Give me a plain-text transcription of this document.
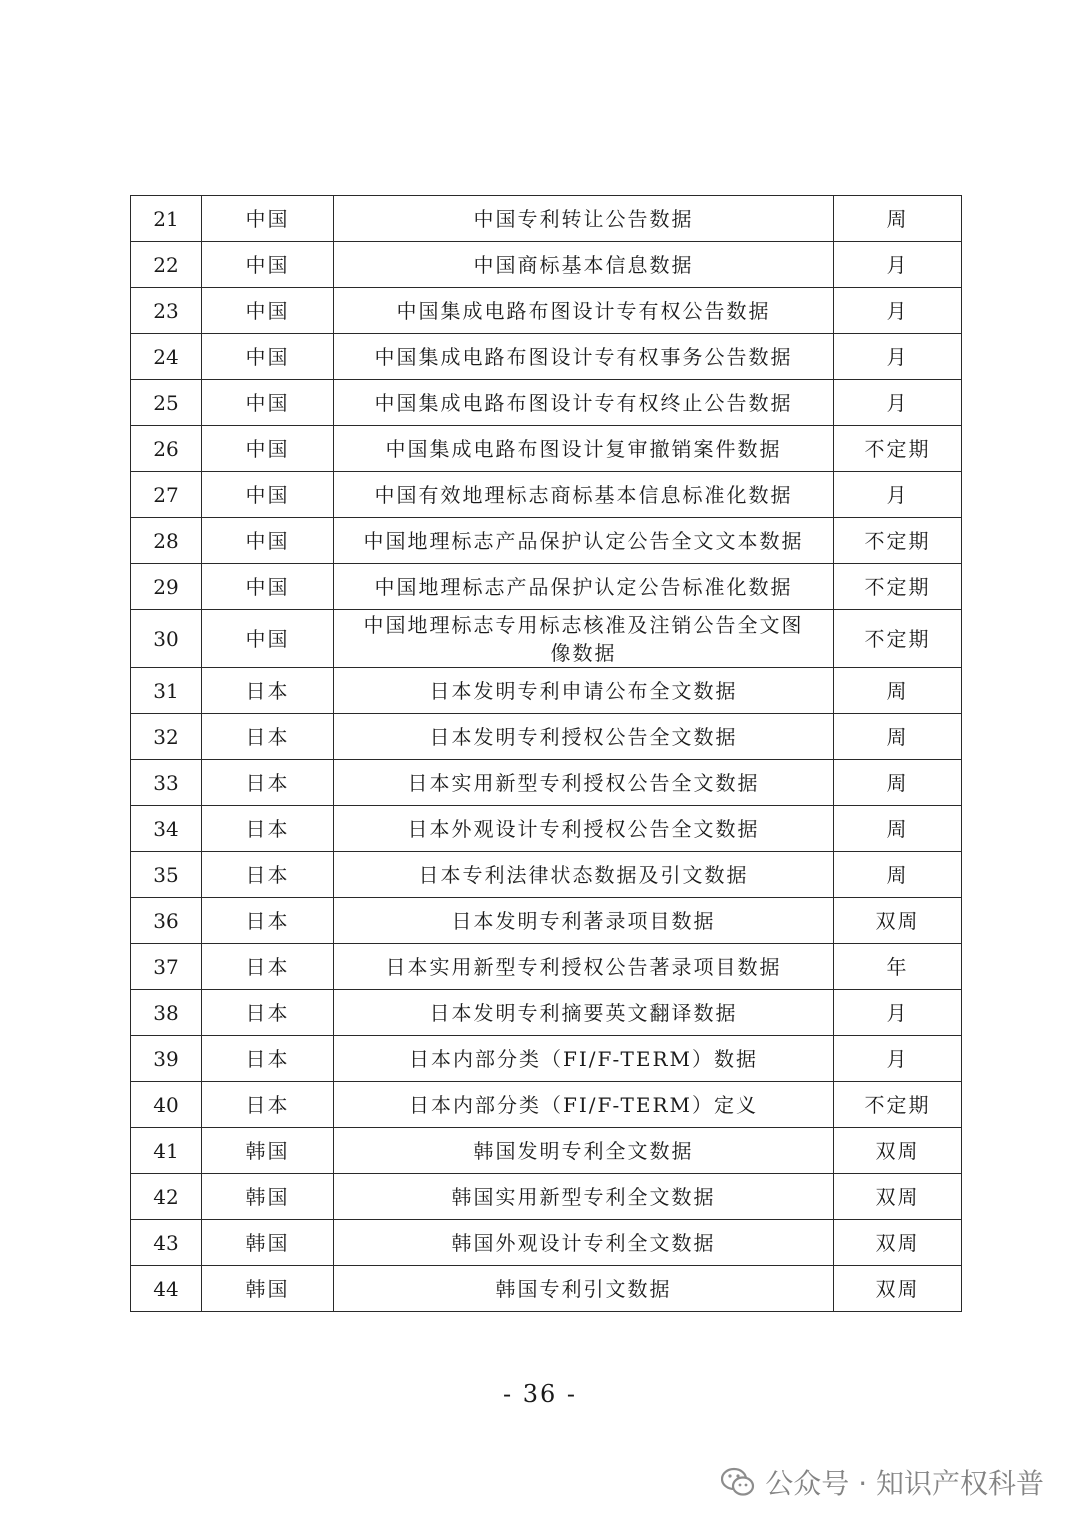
21	中国	中国专利转让公告数据	周
22	中国	中国商标基本信息数据	月
23	中国	中国集成电路布图设计专有权公告数据	月
24	中国	中国集成电路布图设计专有权事务公告数据	月
25	中国	中国集成电路布图设计专有权终止公告数据	月
26	中国	中国集成电路布图设计复审撤销案件数据	不定期
27	中国	中国有效地理标志商标基本信息标准化数据	月
28	中国	中国地理标志产品保护认定公告全文文本数据	不定期
29	中国	中国地理标志产品保护认定公告标准化数据	不定期
30	中国	中国地理标志专用标志核准及注销公告全文图像数据	不定期
31	日本	日本发明专利申请公布全文数据	周
32	日本	日本发明专利授权公告全文数据	周
33	日本	日本实用新型专利授权公告全文数据	周
34	日本	日本外观设计专利授权公告全文数据	周
35	日本	日本专利法律状态数据及引文数据	周
36	日本	日本发明专利著录项目数据	双周
37	日本	日本实用新型专利授权公告著录项目数据	年
38	日本	日本发明专利摘要英文翻译数据	月
39	日本	日本内部分类（FI/F-TERM）数据	月
40	日本	日本内部分类（FI/F-TERM）定义	不定期
41	韩国	韩国发明专利全文数据	双周
42	韩国	韩国实用新型专利全文数据	双周
43	韩国	韩国外观设计专利全文数据	双周
44	韩国	韩国专利引文数据	双周
- 36 -
公众号 · 知识产权科普
